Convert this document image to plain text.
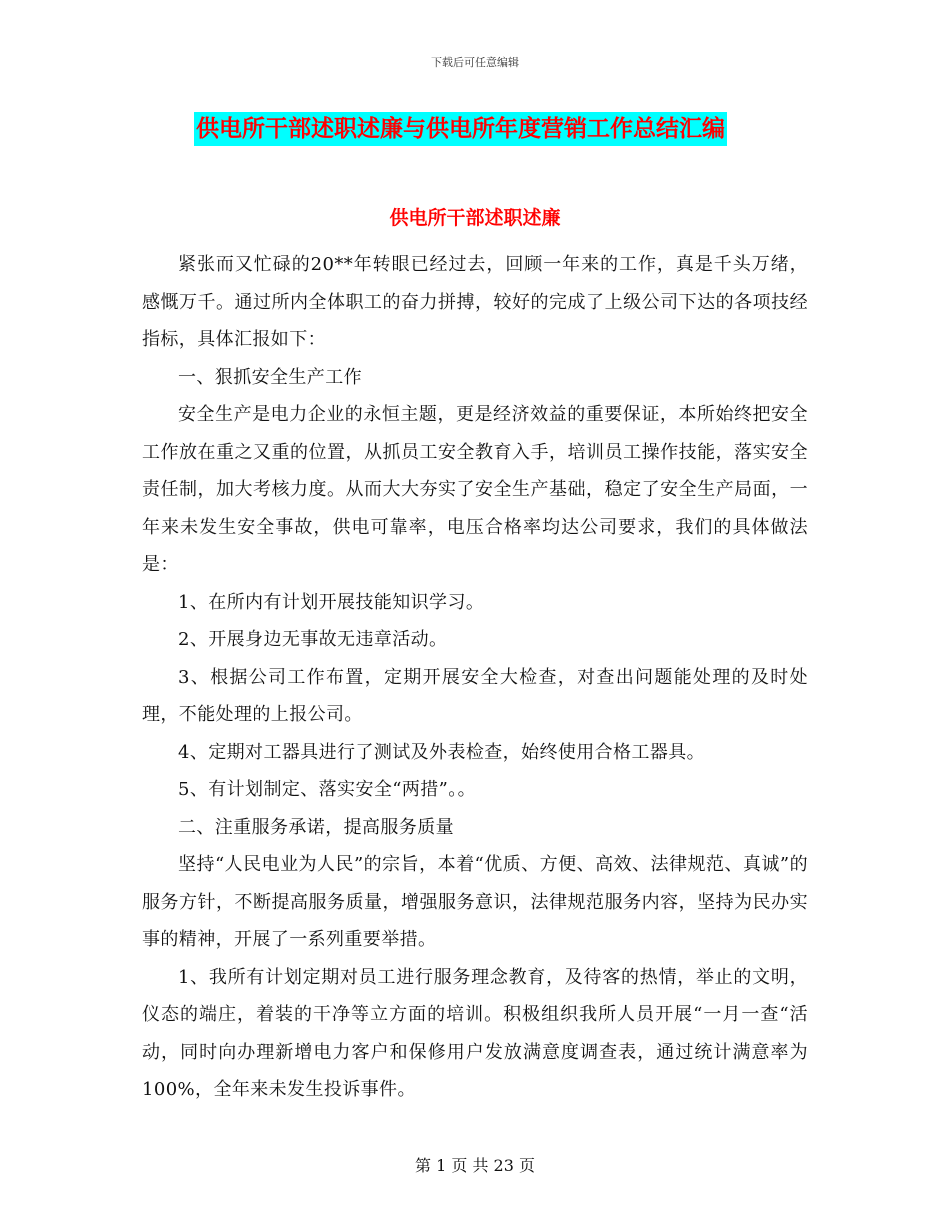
下载后可任意编辑
供电所干部述职述廉与供电所年度营销工作总结汇编
供电所干部述职述廉

紧张而又忙碌的20**年转眼已经过去，回顾一年来的工作，真是千头万绪，感慨万千。通过所内全体职工的奋力拼搏，较好的完成了上级公司下达的各项技经指标，具体汇报如下：

一、狠抓安全生产工作

安全生产是电力企业的永恒主题，更是经济效益的重要保证，本所始终把安全工作放在重之又重的位置，从抓员工安全教育入手，培训员工操作技能，落实安全责任制，加大考核力度。从而大大夯实了安全生产基础，稳定了安全生产局面，一年来未发生安全事故，供电可靠率，电压合格率均达公司要求，我们的具体做法是：

1、在所内有计划开展技能知识学习。

2、开展身边无事故无违章活动。

3、根据公司工作布置，定期开展安全大检查，对查出问题能处理的及时处理，不能处理的上报公司。

4、定期对工器具进行了测试及外表检查，始终使用合格工器具。

5、有计划制定、落实安全“两措”。。

二、注重服务承诺，提高服务质量

坚持“人民电业为人民”的宗旨，本着“优质、方便、高效、法律规范、真诚”的服务方针，不断提高服务质量，增强服务意识，法律规范服务内容，坚持为民办实事的精神，开展了一系列重要举措。

1、我所有计划定期对员工进行服务理念教育，及待客的热情，举止的文明，仪态的端庄，着装的干净等立方面的培训。积极组织我所人员开展“一月一查“活动，同时向办理新增电力客户和保修用户发放满意度调查表，通过统计满意率为100%，全年来未发生投诉事件。

第 1 页 共 23 页
